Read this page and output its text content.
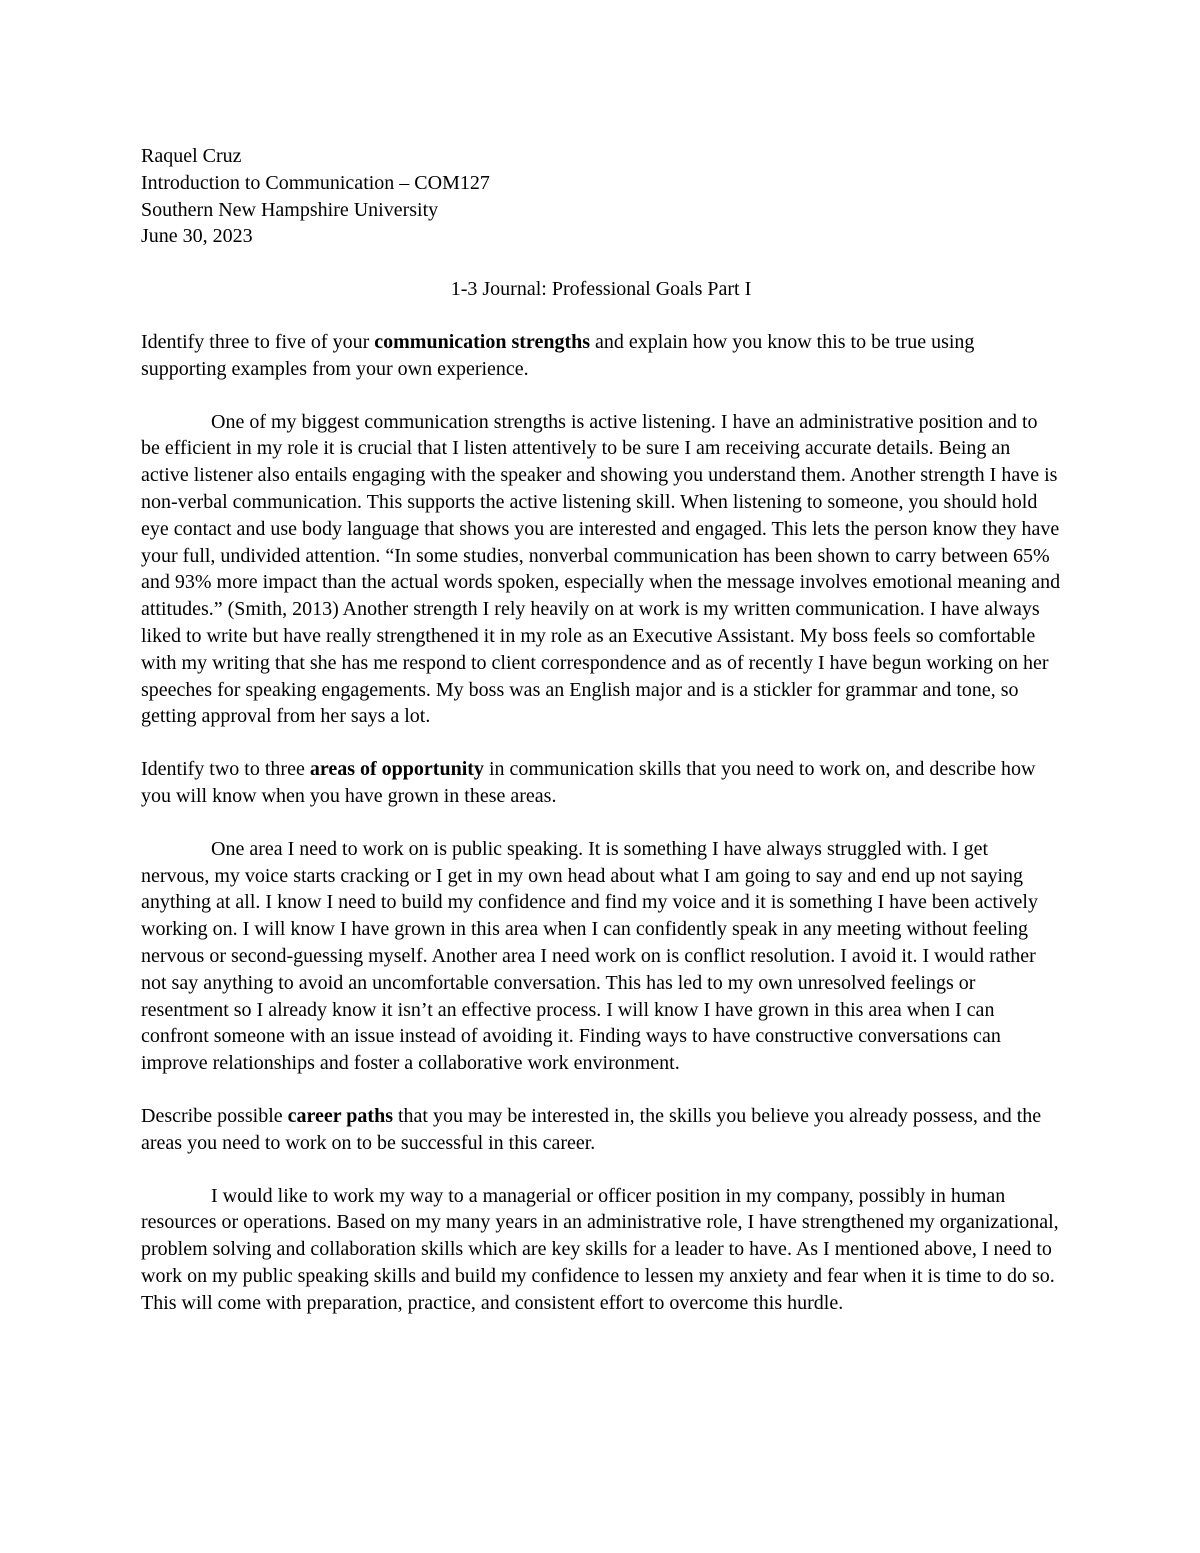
Raquel Cruz

Introduction to Communication – COM127

Southern New Hampshire University

June 30, 2023

1-3 Journal: Professional Goals Part I

Identify three to five of your communication strengths and explain how you know this to be true using supporting examples from your own experience.

One of my biggest communication strengths is active listening. I have an administrative position and to be efficient in my role it is crucial that I listen attentively to be sure I am receiving accurate details. Being an active listener also entails engaging with the speaker and showing you understand them. Another strength I have is non-verbal communication. This supports the active listening skill. When listening to someone, you should hold eye contact and use body language that shows you are interested and engaged. This lets the person know they have your full, undivided attention. “In some studies, nonverbal communication has been shown to carry between 65% and 93% more impact than the actual words spoken, especially when the message involves emotional meaning and attitudes.” (Smith, 2013) Another strength I rely heavily on at work is my written communication. I have always liked to write but have really strengthened it in my role as an Executive Assistant. My boss feels so comfortable with my writing that she has me respond to client correspondence and as of recently I have begun working on her speeches for speaking engagements. My boss was an English major and is a stickler for grammar and tone, so getting approval from her says a lot.

Identify two to three areas of opportunity in communication skills that you need to work on, and describe how you will know when you have grown in these areas.

One area I need to work on is public speaking. It is something I have always struggled with. I get nervous, my voice starts cracking or I get in my own head about what I am going to say and end up not saying anything at all. I know I need to build my confidence and find my voice and it is something I have been actively working on. I will know I have grown in this area when I can confidently speak in any meeting without feeling nervous or second-guessing myself. Another area I need work on is conflict resolution. I avoid it. I would rather not say anything to avoid an uncomfortable conversation. This has led to my own unresolved feelings or resentment so I already know it isn’t an effective process. I will know I have grown in this area when I can confront someone with an issue instead of avoiding it. Finding ways to have constructive conversations can improve relationships and foster a collaborative work environment.

Describe possible career paths that you may be interested in, the skills you believe you already possess, and the areas you need to work on to be successful in this career.

I would like to work my way to a managerial or officer position in my company, possibly in human resources or operations. Based on my many years in an administrative role, I have strengthened my organizational, problem solving and collaboration skills which are key skills for a leader to have. As I mentioned above, I need to work on my public speaking skills and build my confidence to lessen my anxiety and fear when it is time to do so. This will come with preparation, practice, and consistent effort to overcome this hurdle.
